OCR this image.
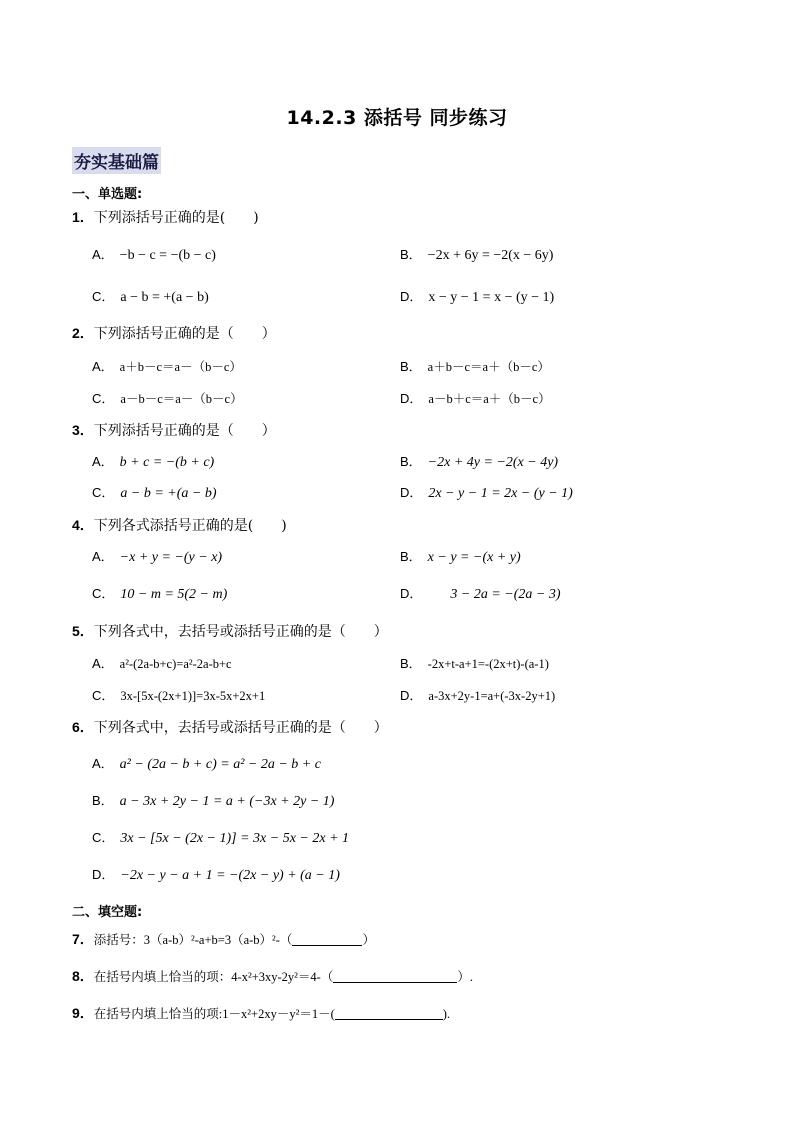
14.2.3 添括号 同步练习
夯实基础篇
一、单选题:
1．下列添括号正确的是(　　)
A． −b − c = −(b − c)	B． −2x + 6y = −2(x − 6y)
C． a − b = +(a − b)	D． x − y − 1 = x − (y − 1)
2．下列添括号正确的是（　　）
A． a＋b－c＝a－（b－c）	B． a＋b－c＝a＋（b－c）
C． a－b－c＝a－（b－c）	D． a－b＋c＝a＋（b－c）
3．下列添括号正确的是（　　）
A． b + c = −(b + c)	B． −2x + 4y = −2(x − 4y)
C． a − b = +(a − b)	D． 2x − y − 1 = 2x − (y − 1)
4．下列各式添括号正确的是(　　)
A． −x + y = −(y − x)	B． x − y = −(x + y)
C． 10 − m = 5(2 − m)	D． 3 − 2a = −(2a − 3)
5．下列各式中，去括号或添括号正确的是（　　）
A． a²-(2a-b+c)=a²-2a-b+c	B． -2x+t-a+1=-(2x+t)-(a-1)
C． 3x-[5x-(2x+1)]=3x-5x+2x+1	D． a-3x+2y-1=a+(-3x-2y+1)
6．下列各式中，去括号或添括号正确的是（　　）
A． a² − (2a − b + c) = a² − 2a − b + c
B． a − 3x + 2y − 1 = a + (−3x + 2y − 1)
C． 3x − [5x − (2x − 1)] = 3x − 5x − 2x + 1
D． −2x − y − a + 1 = −(2x − y) + (a − 1)
二、填空题:
7．添括号：3（a-b）²-a+b=3（a-b）²-（	）
8．在括号内填上恰当的项：4-x²+3xy-2y²＝4-（	）.
9．在括号内填上恰当的项:1－x²+2xy－y²＝1－(	).
